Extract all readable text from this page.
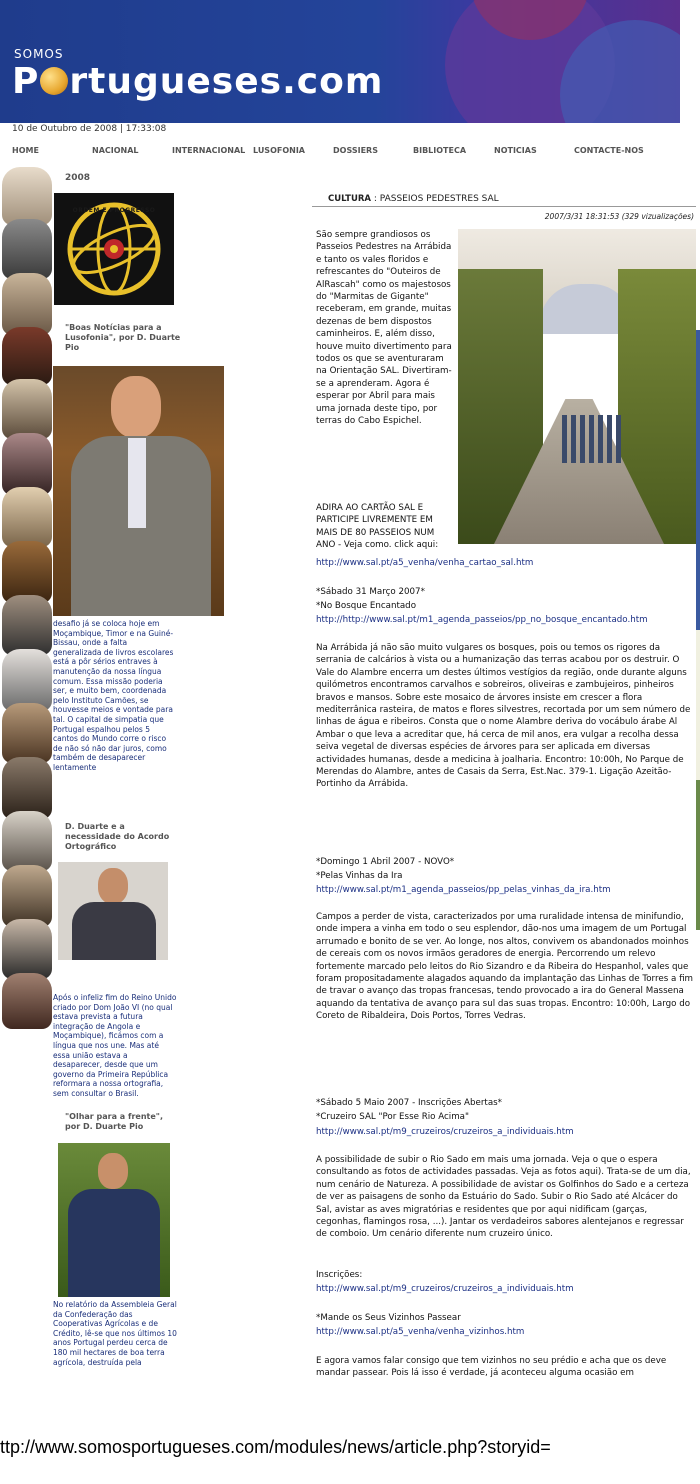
SOMOS
P rtugueses.com
10 de Outubro de 2008 | 17:33:08
HOME	NACIONAL	INTERNACIONAL LUSOFONIA	DOSSIERS	BIBLIOTECA	NOTICIAS	CONTACTE-NOS
2008
ORDEM E PROGRESSO
"Boas Notícias para a Lusofonia", por D. Duarte Pio
desafio já se coloca hoje em Moçambique, Timor e na Guiné-Bissau, onde a falta generalizada de livros escolares está a pôr sérios entraves à manutenção da nossa língua comum. Essa missão poderia ser, e muito bem, coordenada pelo Instituto Camões, se houvesse meios e vontade para tal. O capital de simpatia que Portugal espalhou pelos 5 cantos do Mundo corre o risco de não só não dar juros, como também de desaparecer lentamente
D. Duarte e a necessidade do Acordo Ortográfico
Após o infeliz fim do Reino Unido criado por Dom João VI (no qual estava prevista a futura integração de Angola e Moçambique), ficámos com a língua que nos une. Mas até essa união estava a desaparecer, desde que um governo da Primeira República reformara a nossa ortografia, sem consultar o Brasil.
"Olhar para a frente", por D. Duarte Pio
No relatório da Assembleia Geral da Confederação das Cooperativas Agrícolas e de Crédito, lê-se que nos últimos 10 anos Portugal perdeu cerca de 180 mil hectares de boa terra agrícola, destruída pela
CULTURA : PASSEIOS PEDESTRES SAL
2007/3/31 18:31:53 (329 vizualizações)
São sempre grandiosos os Passeios Pedestres na Arrábida e tanto os vales floridos e refrescantes do "Outeiros de AlRascah" como os majestosos do "Marmitas de Gigante" receberam, em grande, muitas dezenas de bem dispostos caminheiros. E, além disso, houve muito divertimento para todos os que se aventuraram na Orientação SAL. Divertiram-se a aprenderam. Agora é esperar por Abril para mais uma jornada deste tipo, por terras do Cabo Espichel.
ADIRA AO CARTÃO SAL E PARTICIPE LIVREMENTE EM MAIS DE 80 PASSEIOS NUM ANO - Veja como. click aqui:
http://www.sal.pt/a5_venha/venha_cartao_sal.htm
*Sábado 31 Março 2007*
*No Bosque Encantado
http://http://www.sal.pt/m1_agenda_passeios/pp_no_bosque_encantado.htm
Na Arrábida já não são muito vulgares os bosques, pois ou temos os rigores da serrania de calcários à vista ou a humanização das terras acabou por os destruir. O Vale do Alambre encerra um destes últimos vestígios da região, onde durante alguns quilómetros encontramos carvalhos e sobreiros, oliveiras e zambujeiros, pinheiros bravos e mansos. Sobre este mosaico de árvores insiste em crescer a flora mediterrânica rasteira, de matos e flores silvestres, recortada por um sem número de linhas de água e ribeiros. Consta que o nome Alambre deriva do vocábulo árabe Al Ambar o que leva a acreditar que, há cerca de mil anos, era vulgar a recolha dessa seiva vegetal de diversas espécies de árvores para ser aplicada em diversas actividades humanas, desde a medicina à joalharia. Encontro: 10:00h, No Parque de Merendas do Alambre, antes de Casais da Serra, Est.Nac. 379-1. Ligação Azeitão-Portinho da Arrábida.
*Domingo 1 Abril 2007 - NOVO*
*Pelas Vinhas da Ira
http://www.sal.pt/m1_agenda_passeios/pp_pelas_vinhas_da_ira.htm
Campos a perder de vista, caracterizados por uma ruralidade intensa de minifundio, onde impera a vinha em todo o seu esplendor, dão-nos uma imagem de um Portugal arrumado e bonito de se ver. Ao longe, nos altos, convivem os abandonados moinhos de cereais com os novos irmãos geradores de energia. Percorrendo um relevo fortemente marcado pelo leitos do Rio Sizandro e da Ribeira do Hespanhol, vales que foram propositadamente alagados aquando da implantação das Linhas de Torres a fim de travar o avanço das tropas francesas, tendo provocado a ira do General Massena aquando da tentativa de avanço para sul das suas tropas. Encontro: 10:00h, Largo do Coreto de Ribaldeira, Dois Portos, Torres Vedras.
*Sábado 5 Maio 2007 - Inscrições Abertas*
*Cruzeiro SAL "Por Esse Rio Acima"
http://www.sal.pt/m9_cruzeiros/cruzeiros_a_individuais.htm
A possibilidade de subir o Rio Sado em mais uma jornada. Veja o que o espera consultando as fotos de actividades passadas. Veja as fotos aqui). Trata-se de um dia, num cenário de Natureza. A possibilidade de avistar os Golfinhos do Sado e a certeza de ver as paisagens de sonho da Estuário do Sado. Subir o Rio Sado até Alcácer do Sal, avistar as aves migratórias e residentes que por aqui nidificam (garças, cegonhas, flamingos rosa, ...). Jantar os verdadeiros sabores alentejanos e regressar de comboio. Um cenário diferente num cruzeiro único.
Inscrições:
http://www.sal.pt/m9_cruzeiros/cruzeiros_a_individuais.htm
*Mande os Seus Vizinhos Passear
http://www.sal.pt/a5_venha/venha_vizinhos.htm
E agora vamos falar consigo que tem vizinhos no seu prédio e acha que os deve mandar passear. Pois lá isso é verdade, já aconteceu alguma ocasião em
ttp://www.somosportugueses.com/modules/news/article.php?storyid=
